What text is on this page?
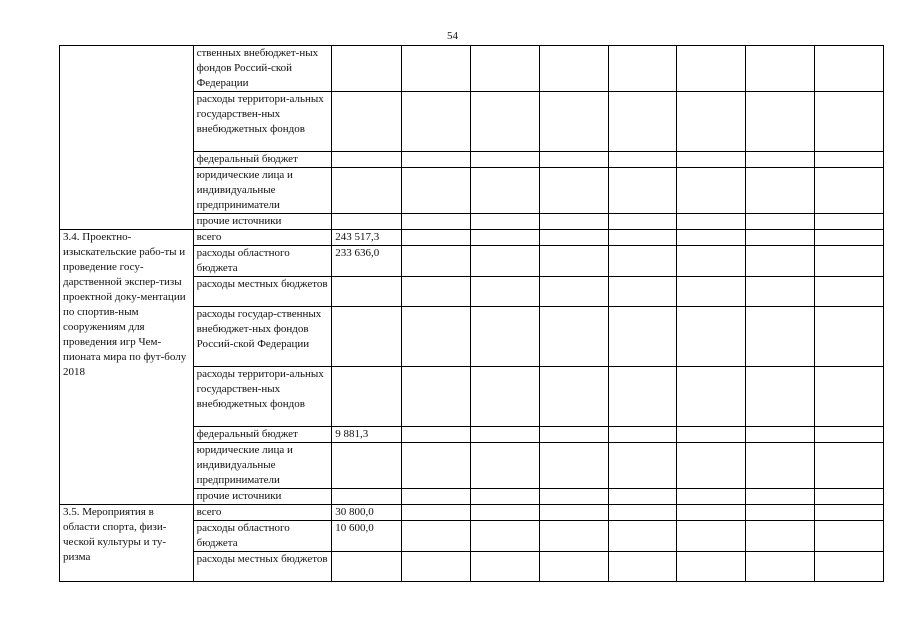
54
	ственных внебюджет-ных фондов Россий-ской Федерации								
	расходы территори-альных государствен-ных внебюджетных фондов								
	федеральный бюджет								
	юридические лица и индивидуальные предприниматели								
	прочие источники								
3.4. Проектно-изыскательские рабо-ты и проведение госу-дарственной экспер-тизы проектной доку-ментации по спортив-ным сооружениям для проведения игр Чем-пионата мира по фут-болу 2018	всего	243 517,3							
	расходы областного бюджета	233 636,0							
	расходы местных бюджетов								
	расходы государ-ственных внебюджет-ных фондов Россий-ской Федерации								
	расходы территори-альных государствен-ных внебюджетных фондов								
	федеральный бюджет	9 881,3							
	юридические лица и индивидуальные предприниматели								
	прочие источники								
3.5. Мероприятия в области спорта, физи-ческой культуры и ту-ризма	всего	30 800,0							
	расходы областного бюджета	10 600,0							
	расходы местных бюджетов								
